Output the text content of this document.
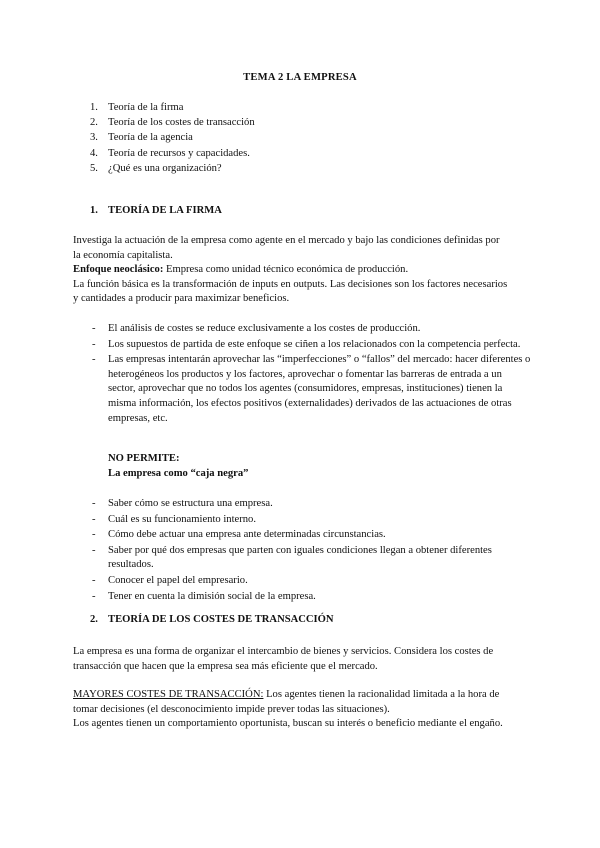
TEMA 2 LA EMPRESA
1. Teoría de la firma
2. Teoría de los costes de transacción
3. Teoría de la agencia
4. Teoría de recursos y capacidades.
5. ¿Qué es una organización?
1. TEORÍA DE LA FIRMA
Investiga la actuación de la empresa como agente en el mercado y bajo las condiciones definidas por
la economía capitalista.
Enfoque neoclásico: Empresa como unidad técnico económica de producción.
La función básica es la transformación de inputs en outputs. Las decisiones son los factores necesarios
y cantidades a producir para maximizar beneficios.
- El análisis de costes se reduce exclusivamente a los costes de producción.
- Los supuestos de partida de este enfoque se ciñen a los relacionados con la competencia perfecta.
- Las empresas intentarán aprovechar las “imperfecciones” o “fallos” del mercado: hacer diferentes o heterogéneos los productos y los factores, aprovechar o fomentar las barreras de entrada a un sector, aprovechar que no todos los agentes (consumidores, empresas, instituciones) tienen la misma información, los efectos positivos (externalidades) derivados de las actuaciones de otras empresas, etc.
NO PERMITE:
La empresa como “caja negra”
- Saber cómo se estructura una empresa.
- Cuál es su funcionamiento interno.
- Cómo debe actuar una empresa ante determinadas circunstancias.
- Saber por qué dos empresas que parten con iguales condiciones llegan a obtener diferentes resultados.
- Conocer el papel del empresario.
- Tener en cuenta la dimisión social de la empresa.
2. TEORÍA DE LOS COSTES DE TRANSACCIÓN
La empresa es una forma de organizar el intercambio de bienes y servicios. Considera los costes de
transacción que hacen que la empresa sea más eficiente que el mercado.
MAYORES COSTES DE TRANSACCIÓN: Los agentes tienen la racionalidad limitada a la hora de
tomar decisiones (el desconocimiento impide prever todas las situaciones).
Los agentes tienen un comportamiento oportunista, buscan su interés o beneficio mediante el engaño.
